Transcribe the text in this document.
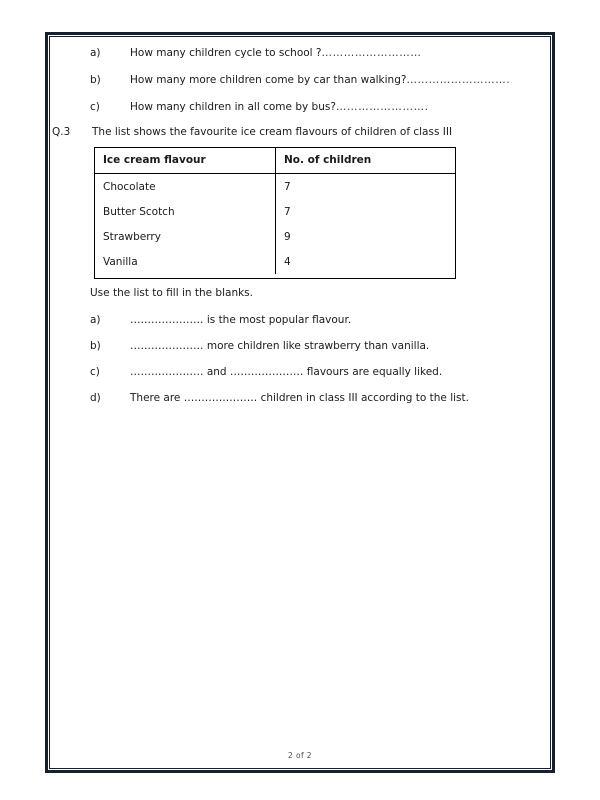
a)	How many children cycle to school ? ………………………
b)	How many more children come by car than walking? ……………………….
c)	How many children in all come by bus? …………………….
Q.3	The list shows the favourite ice cream flavours of children of class III
Ice cream flavour	No. of children
Chocolate	7
Butter Scotch	7
Strawberry	9
Vanilla	4
Use the list to fill in the blanks.
a)	………………… is the most popular flavour.
b)	………………… more children like strawberry than vanilla.
c)	………………… and ………………… flavours are equally liked.
d)	There are ………………… children in class III according to the list.
2 of 2
